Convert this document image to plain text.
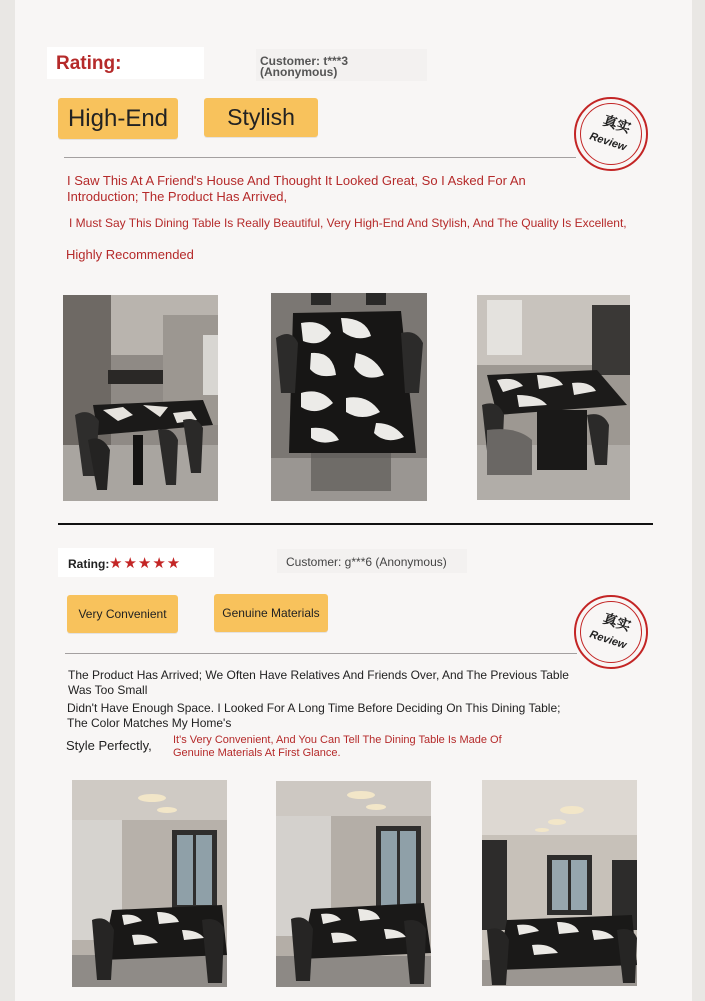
Rating:	Customer: t***3
(Anonymous)
High-End	Stylish	真实
Review
I Saw This At A Friend's House And Thought It Looked Great, So I Asked For An Introduction; The Product Has Arrived,
I Must Say This Dining Table Is Really Beautiful, Very High-End And Stylish, And The Quality Is Excellent,
Highly Recommended
Rating: ★★★★★	Customer: g***6 (Anonymous)
Very Convenient	Genuine Materials	真实
Review
The Product Has Arrived; We Often Have Relatives And Friends Over, And The Previous Table Was Too Small
Didn't Have Enough Space. I Looked For A Long Time Before Deciding On This Dining Table; The Color Matches My Home's
Style Perfectly, It's Very Convenient, And You Can Tell The Dining Table Is Made Of Genuine Materials At First Glance.
